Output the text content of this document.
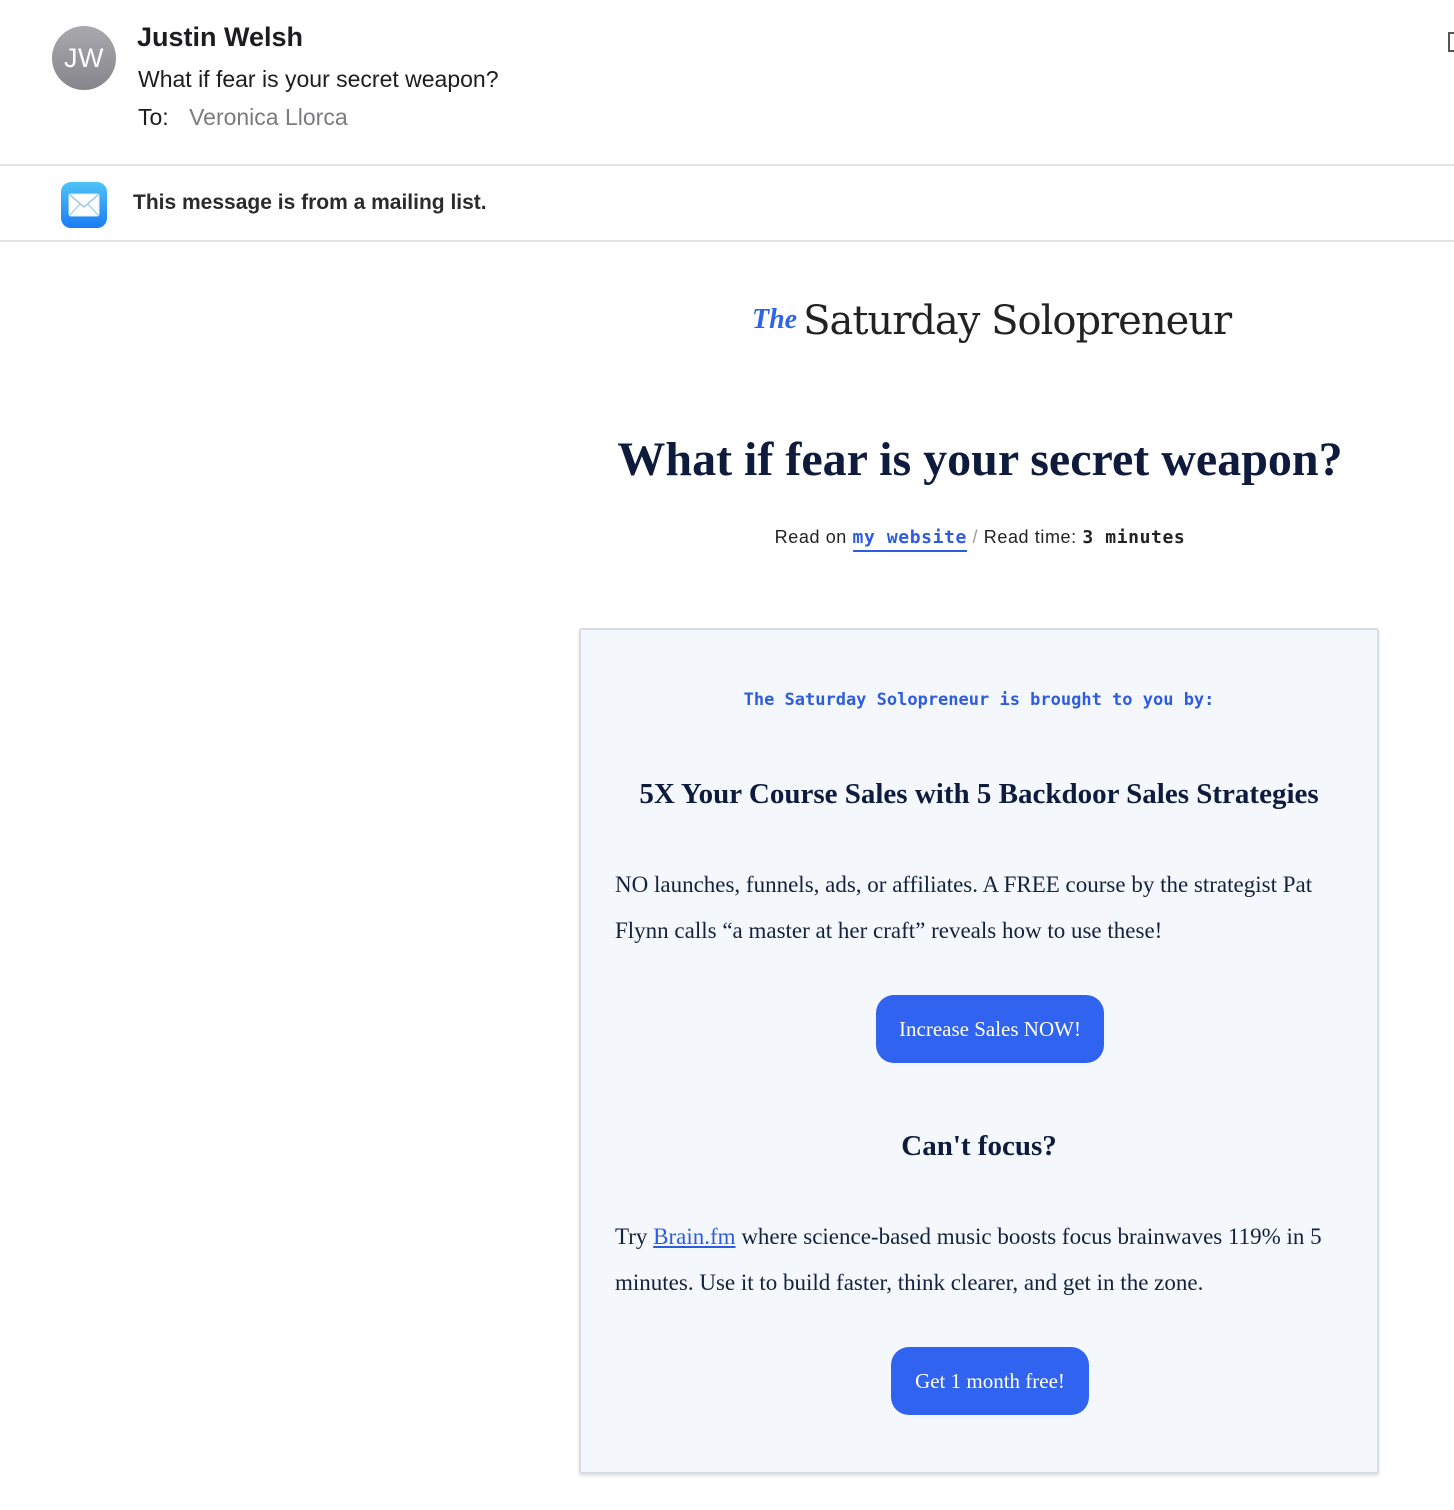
JW
Justin Welsh
What if fear is your secret weapon?
To: Veronica Llorca
This message is from a mailing list.
The Saturday Solopreneur
What if fear is your secret weapon?
Read on my website / Read time: 3 minutes
The Saturday Solopreneur is brought to you by:
5X Your Course Sales with 5 Backdoor Sales Strategies
NO launches, funnels, ads, or affiliates. A FREE course by the strategist Pat Flynn calls “a master at her craft” reveals how to use these!
Increase Sales NOW!
Can't focus?
Try Brain.fm where science-based music boosts focus brainwaves 119% in 5 minutes. Use it to build faster, think clearer, and get in the zone.
Get 1 month free!
